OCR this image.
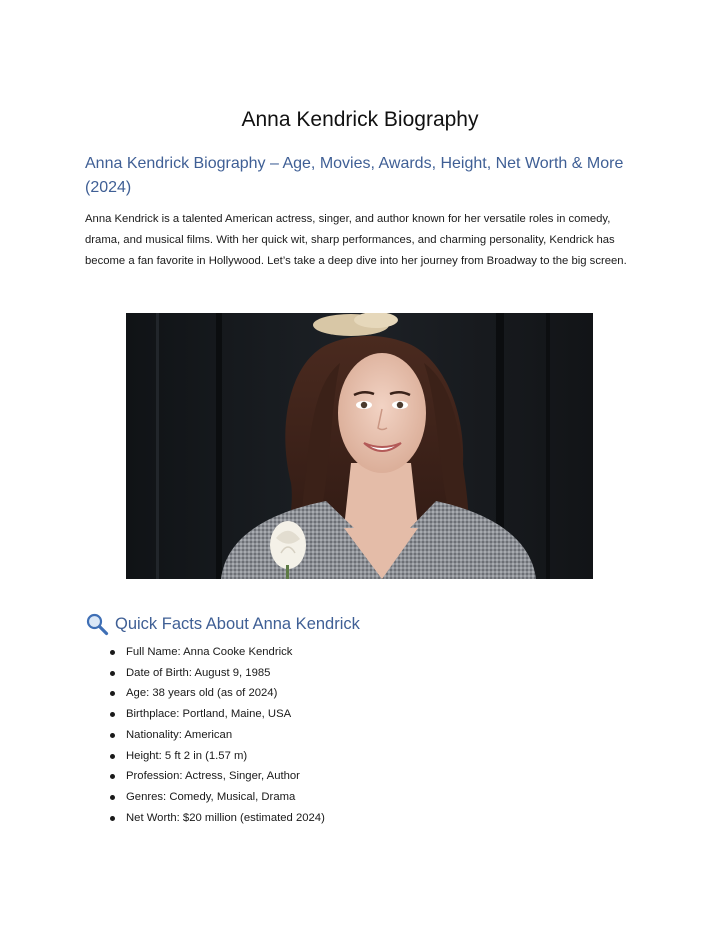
Anna Kendrick Biography
Anna Kendrick Biography – Age, Movies, Awards, Height, Net Worth & More (2024)
Anna Kendrick is a talented American actress, singer, and author known for her versatile roles in comedy, drama, and musical films. With her quick wit, sharp performances, and charming personality, Kendrick has become a fan favorite in Hollywood. Let’s take a deep dive into her journey from Broadway to the big screen.
Quick Facts About Anna Kendrick
Full Name: Anna Cooke Kendrick
Date of Birth: August 9, 1985
Age: 38 years old (as of 2024)
Birthplace: Portland, Maine, USA
Nationality: American
Height: 5 ft 2 in (1.57 m)
Profession: Actress, Singer, Author
Genres: Comedy, Musical, Drama
Net Worth: $20 million (estimated 2024)
